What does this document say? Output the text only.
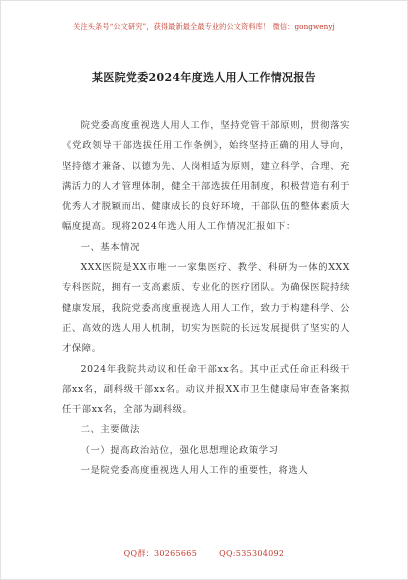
关注头条号“公文研究”，获得最新最全最专业的公文资料库！ 微信：gongwenyj
某医院党委2024年度选人用人工作情况报告

院党委高度重视选人用人工作，坚持党管干部原则，贯彻落实《党政领导干部选拔任用工作条例》，始终坚持正确的用人导向，坚持德才兼备、以德为先、人岗相适为原则，建立科学、合理、充满活力的人才管理体制，健全干部选拔任用制度，积极营造有利于优秀人才脱颖而出、健康成长的良好环境，干部队伍的整体素质大幅度提高。现将2024年选人用人工作情况汇报如下：

一、基本情况

XXX医院是XX市唯一一家集医疗、教学、科研为一体的XXX专科医院，拥有一支高素质、专业化的医疗团队。为确保医院持续健康发展，我院党委高度重视选人用人工作，致力于构建科学、公正、高效的选人用人机制，切实为医院的长远发展提供了坚实的人才保障。

2024年我院共动议和任命干部xx名。其中正式任命正科级干部xx名，副科级干部xx名。动议并报XX市卫生健康局审查备案拟任干部xx名，全部为副科级。

二、主要做法

（一）提高政治站位，强化思想理论政策学习

一是院党委高度重视选人用人工作的重要性，将选人

QQ群：30265665	QQ:535304092
